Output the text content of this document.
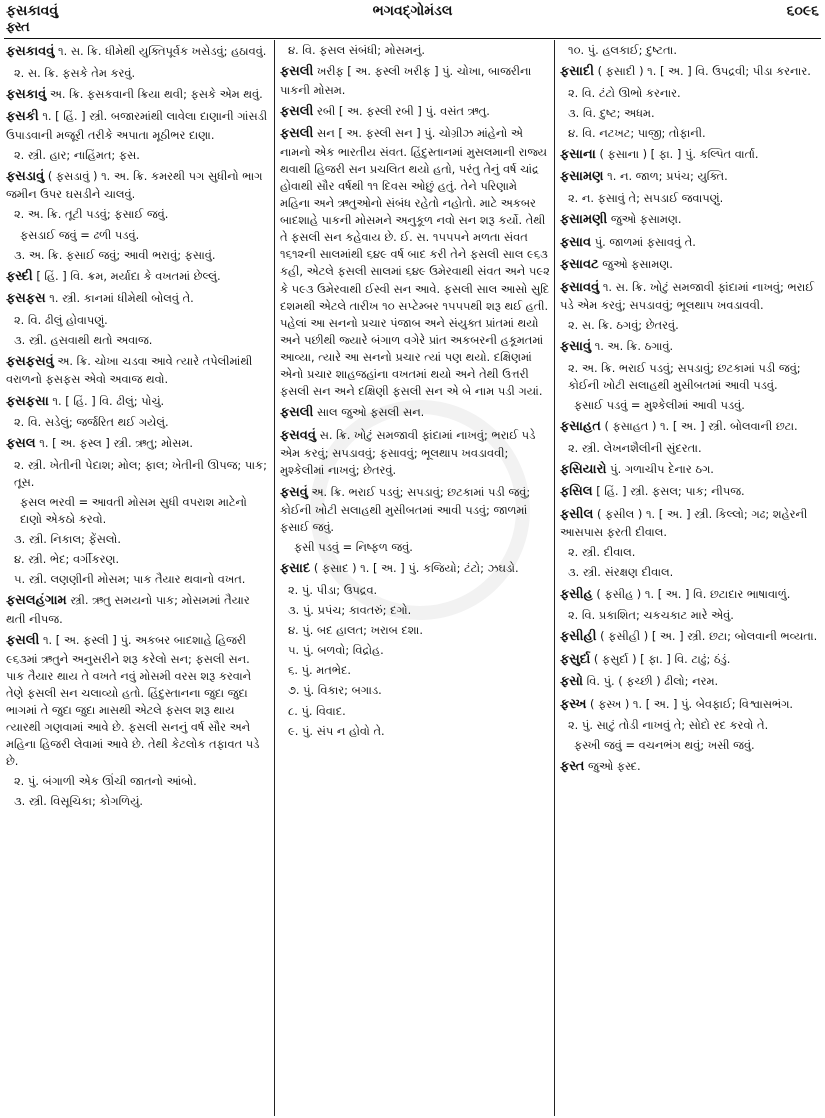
ફસકાવવું	ભગવદ્ગોમંડલ	૬૦૯૬
ફ્સ્ત
ફસકાવવું ૧. સ. ક્રિ. ધીમેથી યુક્તિપૂર્વક ખસેડવું; હઠાવવું.
૨. સ. ક્રિ. ફસકે તેમ કરવું.
ફસકાવું અ. ક્રિ. ફસકવાની ક્રિયા થવી; ફસકે એમ થવું.
ફસકી ૧. [ હિં. ] સ્ત્રી. બજારમાંથી લાવેલા દાણાની ગાંસડી ઉપાડવાની મજૂરી તરીકે અપાતા મૂઠીભર દાણા.
૨. સ્ત્રી. હાર; નાહિંમત; ફસ.
ફસડાવું ( ફસડાવું ) ૧. અ. ક્રિ. કમરથી પગ સુધીનો ભાગ જમીન ઉપર ઘસડીને ચાલવું.
૨. અ. ક્રિ. તૂટી પડવું; ફસાઈ જવું.
ફસડાઈ જવું = ઢળી પડવું.
૩. અ. ક્રિ. ફસાઈ જવું; આવી ભરાવું; ફસાવું.
ફસ્દી [ હિં. ] વિ. ક્રમ, મર્યાદા કે વખતમાં છેલ્લું.
ફસફસ ૧. સ્ત્રી. કાનમાં ધીમેથી બોલવું તે.
૨. વિ. ઢીલું હોવાપણું.
૩. સ્ત્રી. હસવાથી થતો અવાજ.
ફસફસવું અ. ક્રિ. ચોખા ચડવા આવે ત્યારે તપેલીમાંથી વરાળનો ફસફસ એવો અવાજ થવો.
ફસફસા ૧. [ હિં. ] વિ. ઢીલું; પોચું.
૨. વિ. સડેલું; જર્જરિત થઈ ગયેલું.
ફસલ ૧. [ અ. ફસ્લ ] સ્ત્રી. ઋતુ; મોસમ.
૨. સ્ત્રી. ખેતીની પેદાશ; મોલ; ફાલ; ખેતીની ઊપજ; પાક; તૂસ.
ફસલ ભરવી = આવતી મોસમ સુધી વપરાશ માટેનો દાણો એકઠો કરવો.
૩. સ્ત્રી. નિકાલ; ફેંસલો.
૪. સ્ત્રી. ભેદ; વર્ગીકરણ.
૫. સ્ત્રી. લણણીની મોસમ; પાક તૈયાર થવાનો વખત.
ફસલહંગામ સ્ત્રી. ઋતુ સમયનો પાક; મોસમમાં તૈયાર થતી નીપજ.
ફસલી ૧. [ અ. ફસ્લી ] પું. અકબર બાદશાહે હિજરી ૯૬૩માં ઋતુને અનુસરીને શરૂ કરેલો સન; ફસલી સન. પાક તૈયાર થાય તે વખતે નવું મોસમી વરસ શરૂ કરવાને તેણે ફસલી સન ચલાવ્યો હતો. હિંદુસ્તાનના જુદા જુદા ભાગમાં તે જુદા જુદા માસથી એટલે ફસલ શરૂ થાય ત્યારથી ગણવામાં આવે છે. ફસલી સનનું વર્ષ સૌર અને મહિના હિજરી લેવામાં આવે છે. તેથી કેટલોક તફાવત પડે છે.
૨. પું. બંગાળી એક ઊંચી જાતનો આંબો.
૩. સ્ત્રી. વિસૂચિકા; કોગળિયું.
૪. વિ. ફસલ સંબંધી; મોસમનું.
ફસલી ખરીફ [ અ. ફસ્લી ખરીફ ] પું. ચોખા, બાજરીના પાકની મોસમ.
ફસલી રબી [ અ. ફસ્લી રબી ] પું. વસંત ઋતુ.
ફસલી સન [ અ. ફસ્લી સન ] પું. ચોગ્રીઝ માંહેનો એ નામનો એક ભારતીય સંવત. હિંદુસ્તાનમાં મુસલમાની રાજ્ય થવાથી હિજરી સન પ્રચલિત થયો હતો, પરંતુ તેનું વર્ષ ચાંદ્ર હોવાથી સૌર વર્ષથી ૧૧ દિવસ ઓછું હતું. તેને પરિણામે મહિના અને ઋતુઓનો સંબંધ રહેતો નહોતો. માટે અકબર બાદશાહે પાકની મોસમને અનુકૂળ નવો સન શરૂ કર્યો. તેથી તે ફસલી સન કહેવાય છે. ઈ. સ. ૧૫૫૫ને મળતા સંવત ૧૬૧૨ની સાલમાંથી ૬૪૯ વર્ષ બાદ કરી તેને ફસલી સાલ ૯૬૩ કહી, એટલે ફસલી સાલમાં ૬૪૯ ઉમેરવાથી સંવત અને ૫૯૨ કે ૫૯૩ ઉમેરવાથી ઈસ્વી સન આવે. ફસલી સાલ આસો સુદિ દશમથી એટલે તારીખ ૧૦ સપ્ટેમ્બર ૧૫૫૫થી શરૂ થઈ હતી. પહેલાં આ સનનો પ્રચાર પંજાબ અને સંયુક્ત પ્રાંતમાં થયો અને પછીથી જ્યારે બંગાળ વગેરે પ્રાંત અકબરની હકૂમતમાં આવ્યા, ત્યારે આ સનનો પ્રચાર ત્યાં પણ થયો. દક્ષિણમાં એનો પ્રચાર શાહજહાંના વખતમાં થયો અને તેથી ઉત્તરી ફસલી સન અને દક્ષિણી ફસલી સન એ બે નામ પડી ગયાં.
ફસલી સાલ જુઓ ફસલી સન.
ફસવવું સ. ક્રિ. ખોટું સમજાવી ફાંદામાં નાખવું; ભરાઈ પડે એમ કરવું; સપડાવવું; ફસાવવું; ભૂલથાપ ખવડાવવી; મુશ્કેલીમાં નાખવું; છેતરવું.
ફસવું અ. ક્રિ. ભરાઈ પડવું; સપડાવું; છટકામાં પડી જવું; કોઈની ખોટી સલાહથી મુસીબતમાં આવી પડવું; જાળમાં ફસાઈ જવું.
ફસી પડવું = નિષ્ફળ જવું.
ફસાદ ( ફસાદ ) ૧. [ અ. ] પું. કજિયો; ટંટો; ઝઘડો.
૨. પું. પીડા; ઉપદ્રવ.
૩. પું. પ્રપંચ; કાવતરું; દગો.
૪. પું. બદ હાલત; ખરાબ દશા.
૫. પું. બળવો; વિદ્રોહ.
૬. પું. મતભેદ.
૭. પું. વિકાર; બગાડ.
૮. પું. વિવાદ.
૯. પું. સંપ ન હોવો તે.
૧૦. પું. હલકાઈ; દુષ્ટતા.
ફસાદી ( ફસાદી ) ૧. [ અ. ] વિ. ઉપદ્રવી; પીડા કરનાર.
૨. વિ. ટંટો ઊભો કરનાર.
૩. વિ. દુષ્ટ; અધમ.
૪. વિ. નટખટ; પાજી; તોફાની.
ફસાના ( ફસાના ) [ ફા. ] પું. કલ્પિત વાર્તા.
ફસામણ ૧. ન. જાળ; પ્રપંચ; યુક્તિ.
૨. ન. ફસાવું તે; સપડાઈ જવાપણું.
ફસામણી જુઓ ફસામણ.
ફસાવ પું. જાળમાં ફસાવવું તે.
ફસાવટ જુઓ ફસામણ.
ફસાવવું ૧. સ. ક્રિ. ખોટું સમજાવી ફાંદામાં નાખવું; ભરાઈ પડે એમ કરવું; સપડાવવું; ભૂલથાપ ખવડાવવી.
૨. સ. ક્રિ. ઠગવું; છેતરવું.
ફસાવું ૧. અ. ક્રિ. ઠગાવું.
૨. અ. ક્રિ. ભરાઈ પડવું; સપડાવું; છટકામાં પડી જવું; કોઈની ખોટી સલાહથી મુસીબતમાં આવી પડવું.
ફસાઈ પડવું = મુશ્કેલીમાં આવી પડવું.
ફસાહત ( ફસાહત ) ૧. [ અ. ] સ્ત્રી. બોલવાની છટા.
૨. સ્ત્રી. લેખનશૈલીની સુંદરતા.
ફસિયારો પું. ગળાચીપ દેનાર ઠગ.
ફસિલ [ હિં. ] સ્ત્રી. ફસલ; પાક; નીપજ.
ફસીલ ( ફસીલ ) ૧. [ અ. ] સ્ત્રી. કિલ્લો; ગઢ; શહેરની આસપાસ ફરતી દીવાલ.
૨. સ્ત્રી. દીવાલ.
૩. સ્ત્રી. સંરક્ષણ દીવાલ.
ફસીહ ( ફસીહ ) ૧. [ અ. ] વિ. છટાદાર ભાષાવાળું.
૨. વિ. પ્રકાશિત; ચકચકાટ મારે એવું.
ફસીહી ( ફસીહી ) [ અ. ] સ્ત્રી. છટા; બોલવાની ભવ્યતા.
ફસુર્દા ( ફસુર્દા ) [ ફા. ] વિ. ટાઢું; ઠંડું.
ફસો વિ. પું. ( ફચ્છી ) ઢીલો; નરમ.
ફસ્ખ ( ફસ્ખ ) ૧. [ અ. ] પું. બેવફાઈ; વિશ્વાસભંગ.
૨. પું. સાટું તોડી નાખવું તે; સોદો રદ કરવો તે.
ફસ્ખી જવું = વચનભંગ થવું; ખસી જવું.
ફસ્ત જુઓ ફસ્દ.
